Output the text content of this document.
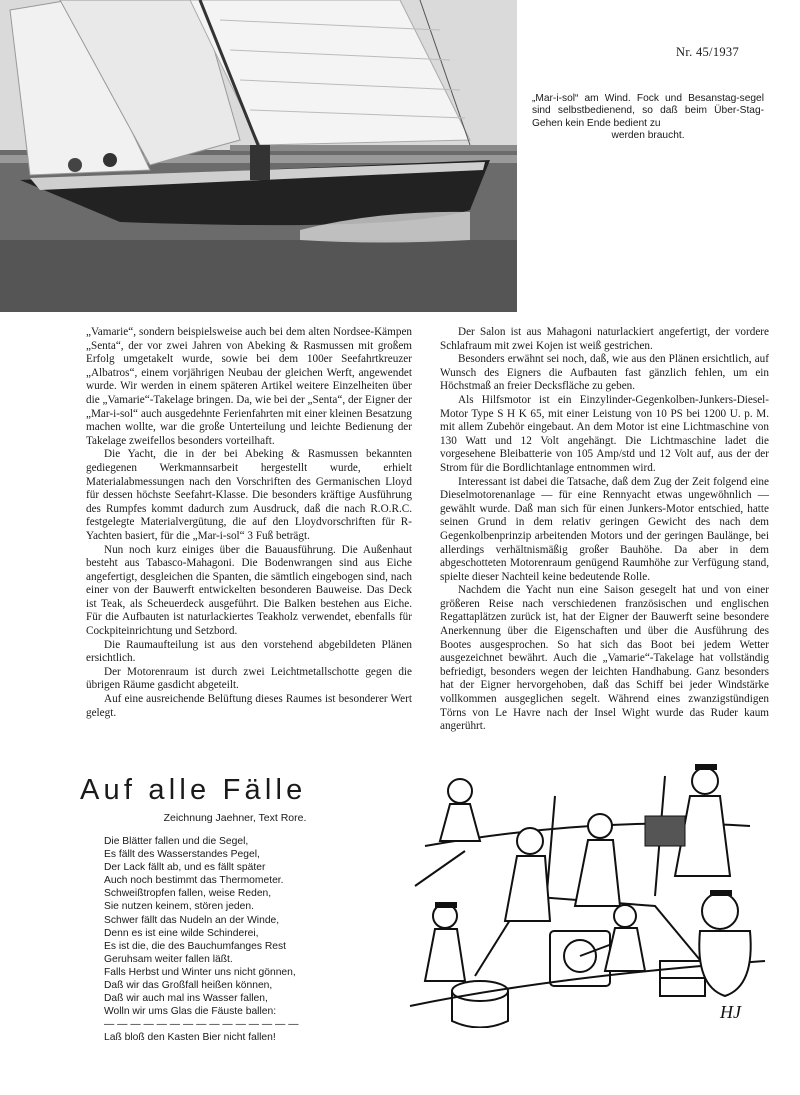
Nr. 45/1937
„Mar-i-sol“ am Wind. Fock und Besanstag-segel sind selbstbedienend, so daß beim Über-Stag-Gehen kein Ende bedient zu
werden braucht.

„Vamarie“, sondern beispielsweise auch bei dem alten Nordsee-Kämpen „Senta“, der vor zwei Jahren von Abeking & Rasmussen mit großem Erfolg umgetakelt wurde, sowie bei dem 100er Seefahrtkreuzer „Albatros“, einem vorjährigen Neubau der gleichen Werft, angewendet wurde. Wir werden in einem späteren Artikel weitere Einzelheiten über die „Vamarie“-Takelage bringen. Da, wie bei der „Senta“, der Eigner der „Mar-i-sol“ auch ausgedehnte Ferienfahrten mit einer kleinen Besatzung machen wollte, war die große Unterteilung und leichte Bedienung der Takelage zweifellos besonders vorteilhaft.

Die Yacht, die in der bei Abeking & Rasmussen bekannten gediegenen Werkmannsarbeit hergestellt wurde, erhielt Materialabmessungen nach den Vorschriften des Germanischen Lloyd für dessen höchste Seefahrt-Klasse. Die besonders kräftige Ausführung des Rumpfes kommt dadurch zum Ausdruck, daß die nach R.O.R.C. festgelegte Materialvergütung, die auf den Lloydvorschriften für R-Yachten basiert, für die „Mar-i-sol“ 3 Fuß beträgt.

Nun noch kurz einiges über die Bauausführung. Die Außenhaut besteht aus Tabasco-Mahagoni. Die Bodenwrangen sind aus Eiche angefertigt, desgleichen die Spanten, die sämtlich eingebogen sind, nach einer von der Bauwerft entwickelten besonderen Bauweise. Das Deck ist Teak, als Scheuerdeck ausgeführt. Die Balken bestehen aus Eiche. Für die Aufbauten ist naturlackiertes Teakholz verwendet, ebenfalls für Cockpiteinrichtung und Setzbord.

Die Raumaufteilung ist aus den vorstehend abgebildeten Plänen ersichtlich.

Der Motorenraum ist durch zwei Leichtmetallschotte gegen die übrigen Räume gasdicht abgeteilt.

Auf eine ausreichende Belüftung dieses Raumes ist besonderer Wert gelegt.

Der Salon ist aus Mahagoni naturlackiert angefertigt, der vordere Schlafraum mit zwei Kojen ist weiß gestrichen.

Besonders erwähnt sei noch, daß, wie aus den Plänen ersichtlich, auf Wunsch des Eigners die Aufbauten fast gänzlich fehlen, um ein Höchstmaß an freier Decksfläche zu geben.

Als Hilfsmotor ist ein Einzylinder-Gegenkolben-Junkers-Diesel-Motor Type S H K 65, mit einer Leistung von 10 PS bei 1200 U. p. M. mit allem Zubehör eingebaut. An dem Motor ist eine Lichtmaschine von 130 Watt und 12 Volt angehängt. Die Lichtmaschine ladet die vorgesehene Bleibatterie von 105 Amp/std und 12 Volt auf, aus der der Strom für die Bordlichtanlage entnommen wird.

Interessant ist dabei die Tatsache, daß dem Zug der Zeit folgend eine Dieselmotorenanlage — für eine Rennyacht etwas ungewöhnlich — gewählt wurde. Daß man sich für einen Junkers-Motor entschied, hatte seinen Grund in dem relativ geringen Gewicht des nach dem Gegenkolbenprinzip arbeitenden Motors und der geringen Baulänge, bei allerdings verhältnismäßig großer Bauhöhe. Da aber in dem abgeschotteten Motorenraum genügend Raumhöhe zur Verfügung stand, spielte dieser Nachteil keine bedeutende Rolle.

Nachdem die Yacht nun eine Saison gesegelt hat und von einer größeren Reise nach verschiedenen französischen und englischen Regattaplätzen zurück ist, hat der Eigner der Bauwerft seine besondere Anerkennung über die Eigenschaften und über die Ausführung des Bootes ausgesprochen. So hat sich das Boot bei jedem Wetter ausgezeichnet bewährt. Auch die „Vamarie“-Takelage hat vollständig befriedigt, besonders wegen der leichten Handhabung. Ganz besonders hat der Eigner hervorgehoben, daß das Schiff bei jeder Windstärke vollkommen ausgeglichen segelt. Während eines zwanzigstündigen Törns von Le Havre nach der Insel Wight wurde das Ruder kaum angerührt.

Auf alle Fälle
Zeichnung Jaehner, Text Rore.
Die Blätter fallen und die Segel,
Es fällt des Wasserstandes Pegel,
Der Lack fällt ab, und es fällt später
Auch noch bestimmt das Thermometer.
Schweißtropfen fallen, weise Reden,
Sie nutzen keinem, stören jeden.
Schwer fällt das Nudeln an der Winde,
Denn es ist eine wilde Schinderei,
Es ist die, die des Bauchumfanges Rest
Geruhsam weiter fallen läßt.
Falls Herbst und Winter uns nicht gönnen,
Daß wir das Großfall heißen können,
Daß wir auch mal ins Wasser fallen,
Wolln wir ums Glas die Fäuste ballen:
— — — — — — — — — — — — — — —
Laß bloß den Kasten Bier nicht fallen!
HJ
